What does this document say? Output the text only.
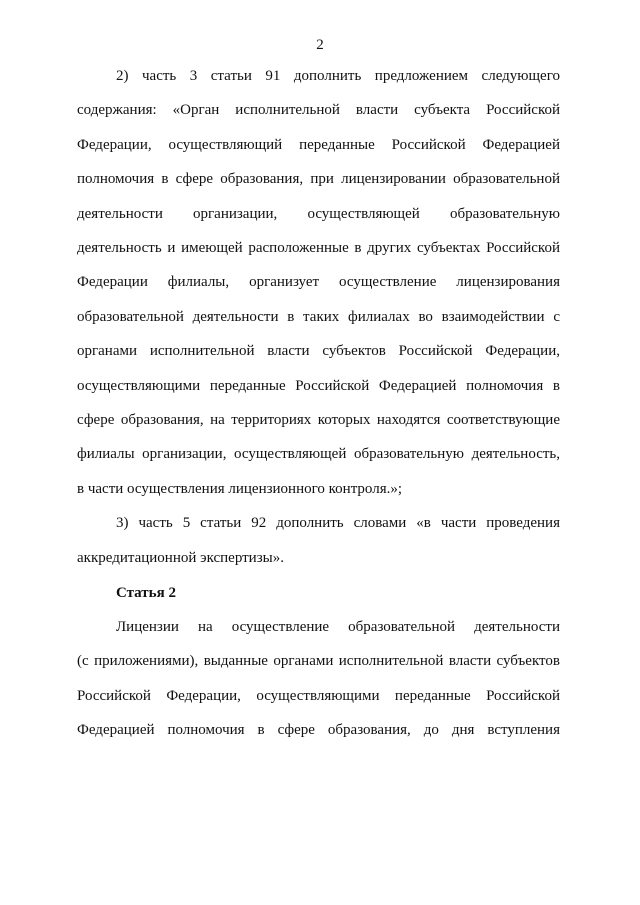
2
2) часть 3 статьи 91 дополнить предложением следующего
содержания: «Орган исполнительной власти субъекта Российской
Федерации, осуществляющий переданные Российской Федерацией
полномочия в сфере образования, при лицензировании образовательной
деятельности организации, осуществляющей образовательную
деятельность и имеющей расположенные в других субъектах Российской
Федерации филиалы, организует осуществление лицензирования
образовательной деятельности в таких филиалах во взаимодействии с
органами исполнительной власти субъектов Российской Федерации,
осуществляющими переданные Российской Федерацией полномочия в
сфере образования, на территориях которых находятся соответствующие
филиалы организации, осуществляющей образовательную деятельность,
в части осуществления лицензионного контроля.»;
3) часть 5 статьи 92 дополнить словами «в части проведения
аккредитационной экспертизы».
Статья 2
Лицензии на осуществление образовательной деятельности
(с приложениями), выданные органами исполнительной власти субъектов
Российской Федерации, осуществляющими переданные Российской
Федерацией полномочия в сфере образования, до дня вступления
